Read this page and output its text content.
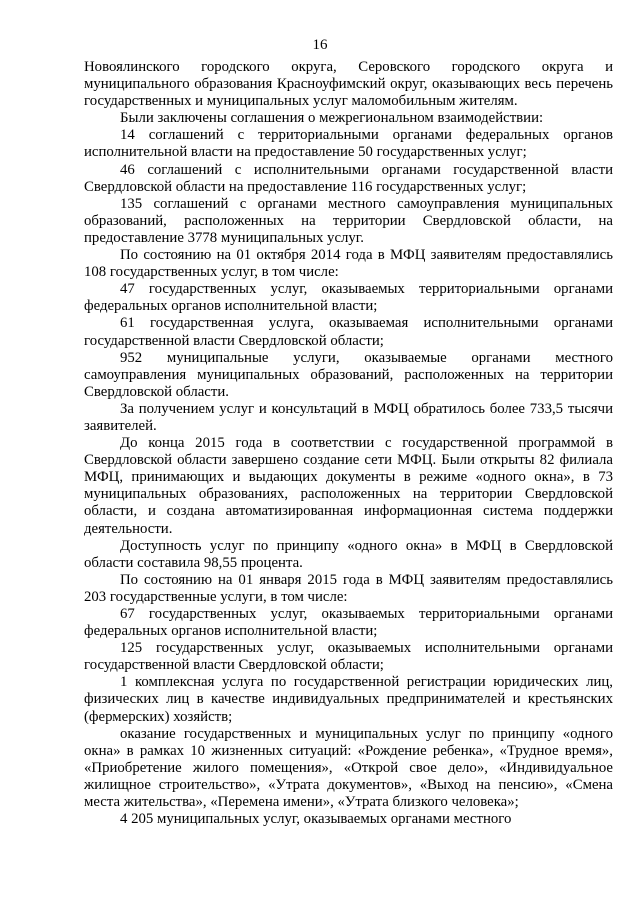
16

Новоялинского городского округа, Серовского городского округа и муниципального образования Красноуфимский округ, оказывающих весь перечень государственных и муниципальных услуг маломобильным жителям.

Были заключены соглашения о межрегиональном взаимодействии:

14 соглашений с территориальными органами федеральных органов исполнительной власти на предоставление 50 государственных услуг;

46 соглашений с исполнительными органами государственной власти Свердловской области на предоставление 116 государственных услуг;

135 соглашений с органами местного самоуправления муниципальных образований, расположенных на территории Свердловской области, на предоставление 3778 муниципальных услуг.

По состоянию на 01 октября 2014 года в МФЦ заявителям предоставлялись 108 государственных услуг, в том числе:

47 государственных услуг, оказываемых территориальными органами федеральных органов исполнительной власти;

61 государственная услуга, оказываемая исполнительными органами государственной власти Свердловской области;

952 муниципальные услуги, оказываемые органами местного самоуправления муниципальных образований, расположенных на территории Свердловской области.

За получением услуг и консультаций в МФЦ обратилось более 733,5 тысячи заявителей.

До конца 2015 года в соответствии с государственной программой в Свердловской области завершено создание сети МФЦ. Были открыты 82 филиала МФЦ, принимающих и выдающих документы в режиме «одного окна», в 73 муниципальных образованиях, расположенных на территории Свердловской области, и создана автоматизированная информационная система поддержки деятельности.

Доступность услуг по принципу «одного окна» в МФЦ в Свердловской области составила 98,55 процента.

По состоянию на 01 января 2015 года в МФЦ заявителям предоставлялись 203 государственные услуги, в том числе:

67 государственных услуг, оказываемых территориальными органами федеральных органов исполнительной власти;

125 государственных услуг, оказываемых исполнительными органами государственной власти Свердловской области;

1 комплексная услуга по государственной регистрации юридических лиц, физических лиц в качестве индивидуальных предпринимателей и крестьянских (фермерских) хозяйств;

оказание государственных и муниципальных услуг по принципу «одного окна» в рамках 10 жизненных ситуаций: «Рождение ребенка», «Трудное время», «Приобретение жилого помещения», «Открой свое дело», «Индивидуальное жилищное строительство», «Утрата документов», «Выход на пенсию», «Смена места жительства», «Перемена имени», «Утрата близкого человека»;

4 205 муниципальных услуг, оказываемых органами местного
